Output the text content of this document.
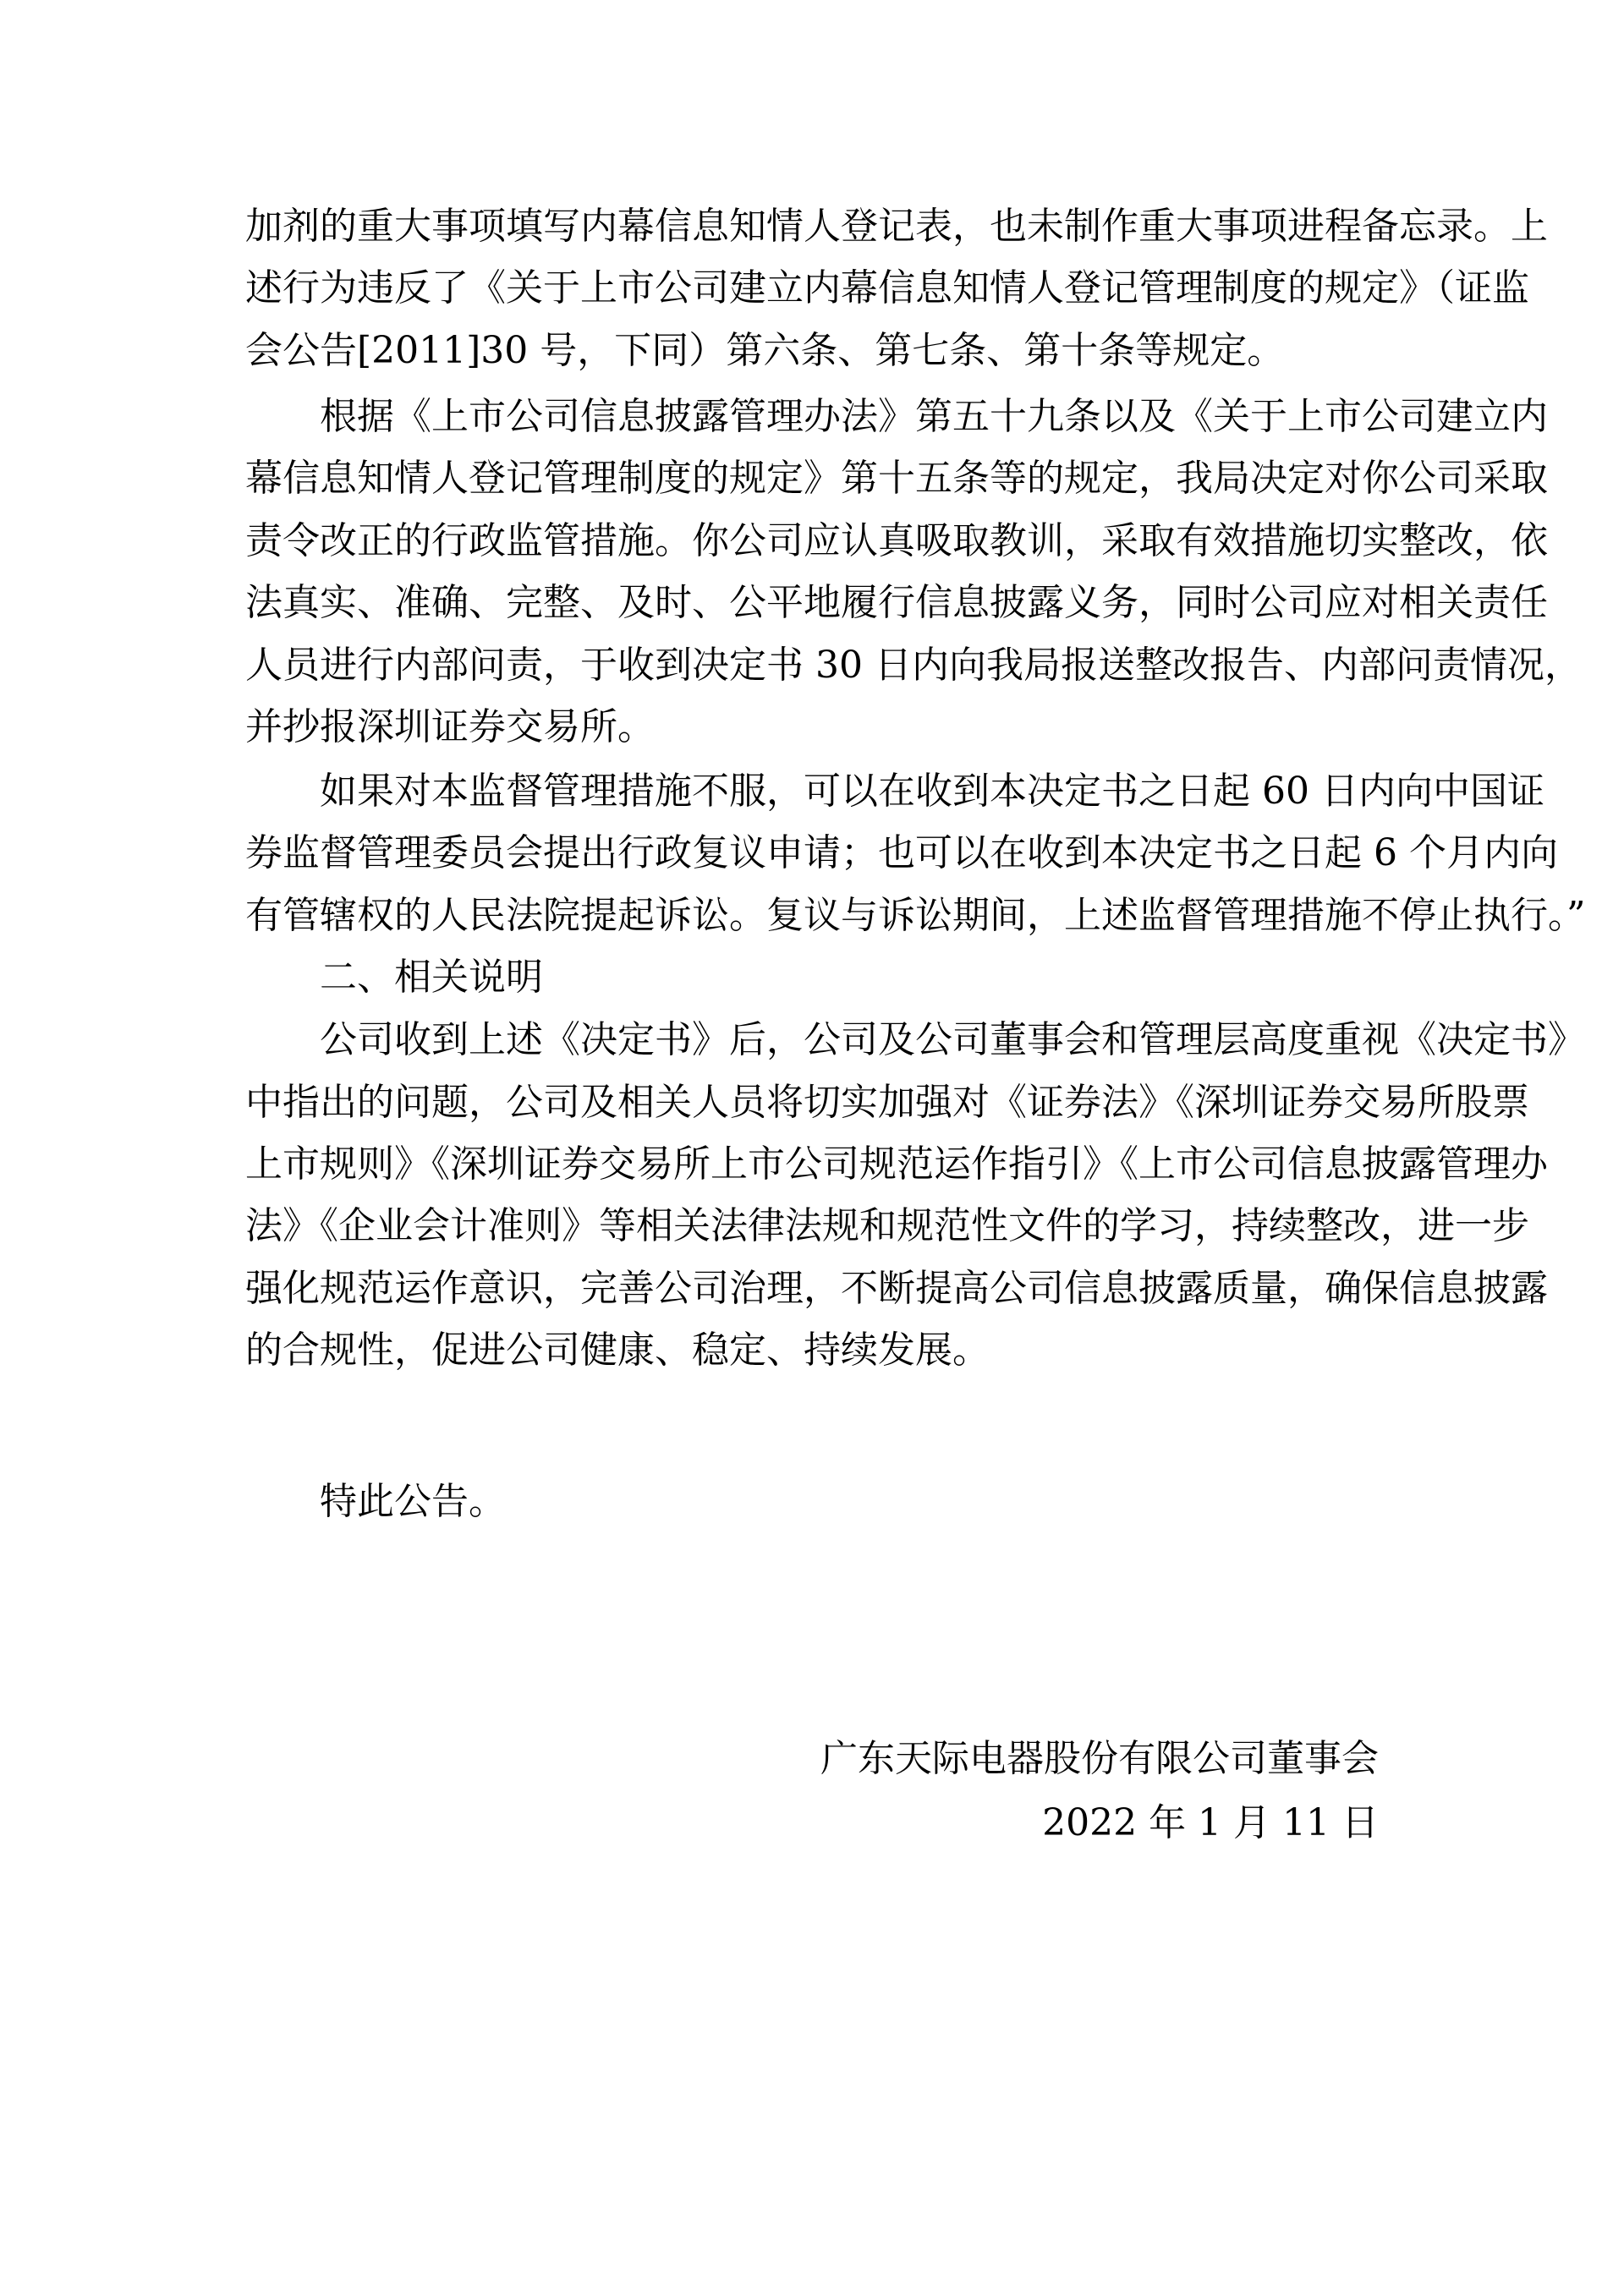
加剂的重大事项填写内幕信息知情人登记表，也未制作重大事项进程备忘录。上
述行为违反了《关于上市公司建立内幕信息知情人登记管理制度的规定》（证监
会公告[2011]30 号，下同）第六条、第七条、第十条等规定。
根据《上市公司信息披露管理办法》第五十九条以及《关于上市公司建立内
幕信息知情人登记管理制度的规定》第十五条等的规定，我局决定对你公司采取
责令改正的行政监管措施。你公司应认真吸取教训，采取有效措施切实整改，依
法真实、准确、完整、及时、公平地履行信息披露义务，同时公司应对相关责任
人员进行内部问责，于收到决定书 30 日内向我局报送整改报告、内部问责情况，
并抄报深圳证券交易所。
如果对本监督管理措施不服，可以在收到本决定书之日起 60 日内向中国证
券监督管理委员会提出行政复议申请；也可以在收到本决定书之日起 6 个月内向
有管辖权的人民法院提起诉讼。复议与诉讼期间，上述监督管理措施不停止执行。”
二、相关说明
公司收到上述《决定书》后，公司及公司董事会和管理层高度重视《决定书》
中指出的问题，公司及相关人员将切实加强对《证券法》《深圳证券交易所股票
上市规则》《深圳证券交易所上市公司规范运作指引》《上市公司信息披露管理办
法》《企业会计准则》等相关法律法规和规范性文件的学习，持续整改，进一步
强化规范运作意识，完善公司治理，不断提高公司信息披露质量，确保信息披露
的合规性，促进公司健康、稳定、持续发展。
特此公告。
广东天际电器股份有限公司董事会
2022 年 1 月 11 日
